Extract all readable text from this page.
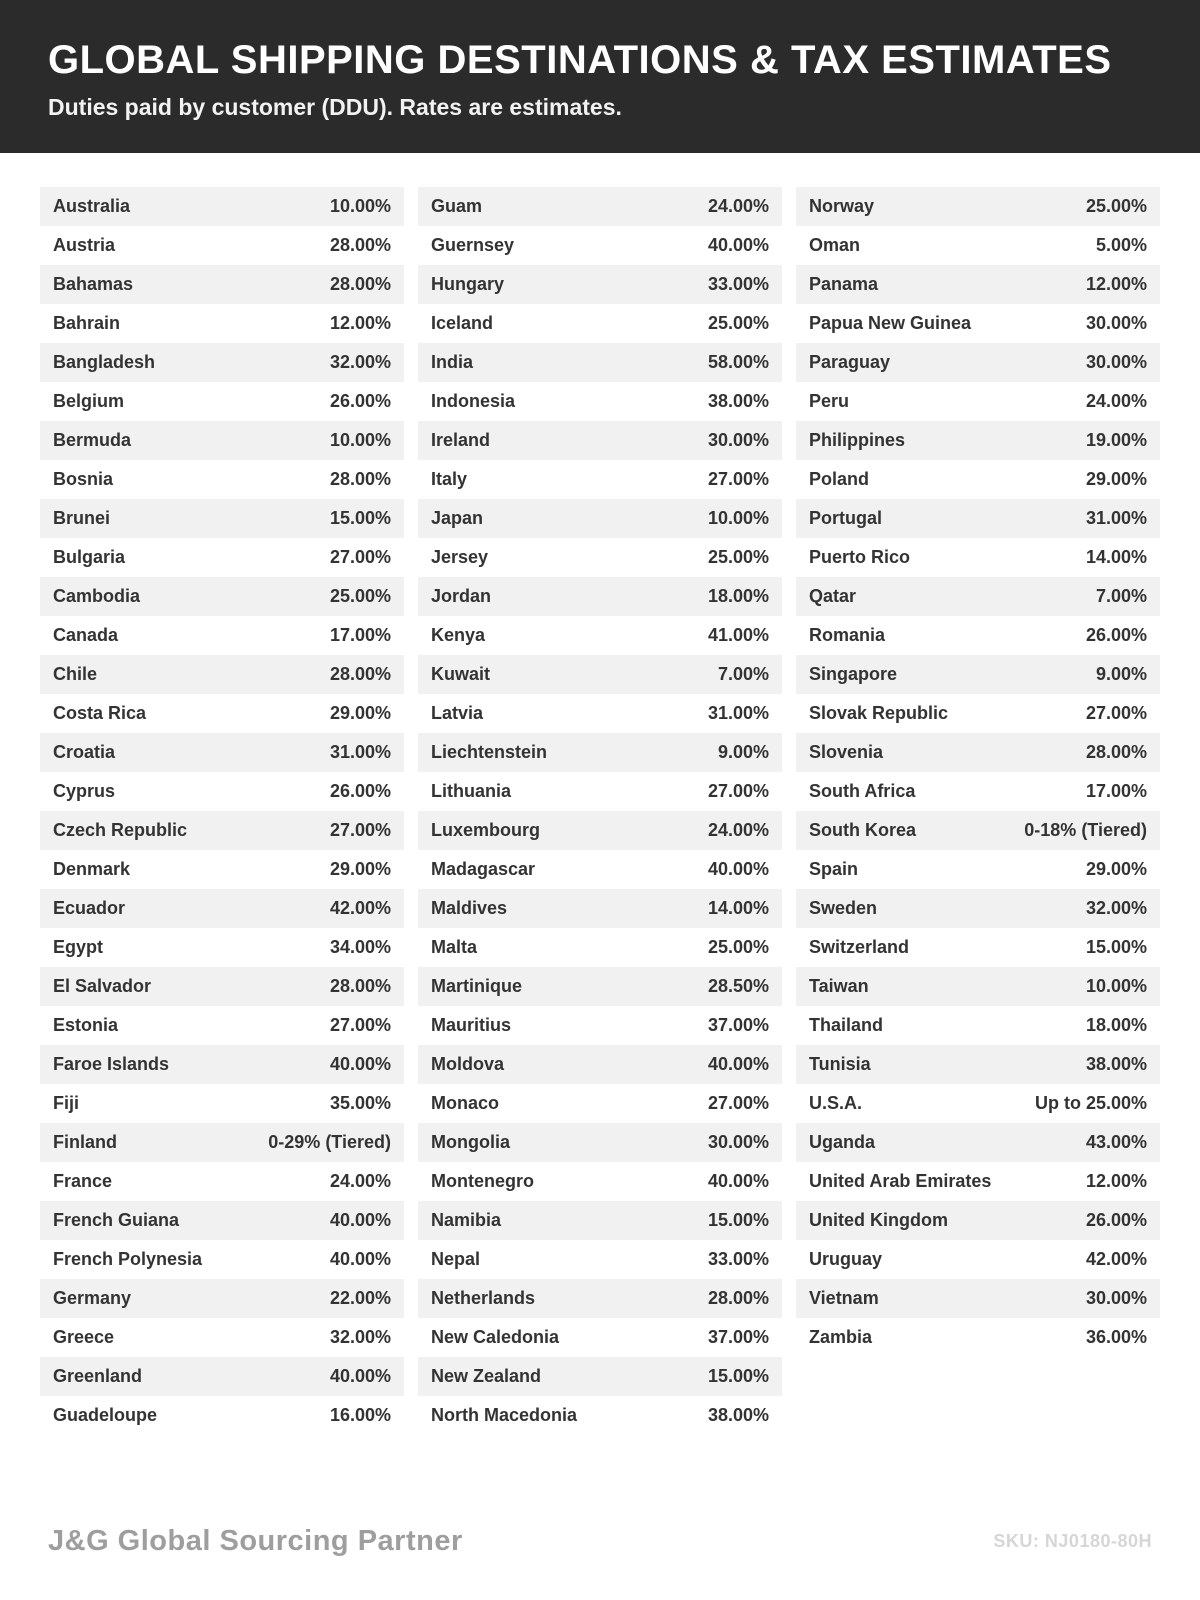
GLOBAL SHIPPING DESTINATIONS & TAX ESTIMATES
Duties paid by customer (DDU). Rates are estimates.
Australia	10.00%
Austria	28.00%
Bahamas	28.00%
Bahrain	12.00%
Bangladesh	32.00%
Belgium	26.00%
Bermuda	10.00%
Bosnia	28.00%
Brunei	15.00%
Bulgaria	27.00%
Cambodia	25.00%
Canada	17.00%
Chile	28.00%
Costa Rica	29.00%
Croatia	31.00%
Cyprus	26.00%
Czech Republic	27.00%
Denmark	29.00%
Ecuador	42.00%
Egypt	34.00%
El Salvador	28.00%
Estonia	27.00%
Faroe Islands	40.00%
Fiji	35.00%
Finland	0-29% (Tiered)
France	24.00%
French Guiana	40.00%
French Polynesia	40.00%
Germany	22.00%
Greece	32.00%
Greenland	40.00%
Guadeloupe	16.00%
Guam	24.00%
Guernsey	40.00%
Hungary	33.00%
Iceland	25.00%
India	58.00%
Indonesia	38.00%
Ireland	30.00%
Italy	27.00%
Japan	10.00%
Jersey	25.00%
Jordan	18.00%
Kenya	41.00%
Kuwait	7.00%
Latvia	31.00%
Liechtenstein	9.00%
Lithuania	27.00%
Luxembourg	24.00%
Madagascar	40.00%
Maldives	14.00%
Malta	25.00%
Martinique	28.50%
Mauritius	37.00%
Moldova	40.00%
Monaco	27.00%
Mongolia	30.00%
Montenegro	40.00%
Namibia	15.00%
Nepal	33.00%
Netherlands	28.00%
New Caledonia	37.00%
New Zealand	15.00%
North Macedonia	38.00%
Norway	25.00%
Oman	5.00%
Panama	12.00%
Papua New Guinea	30.00%
Paraguay	30.00%
Peru	24.00%
Philippines	19.00%
Poland	29.00%
Portugal	31.00%
Puerto Rico	14.00%
Qatar	7.00%
Romania	26.00%
Singapore	9.00%
Slovak Republic	27.00%
Slovenia	28.00%
South Africa	17.00%
South Korea	0-18% (Tiered)
Spain	29.00%
Sweden	32.00%
Switzerland	15.00%
Taiwan	10.00%
Thailand	18.00%
Tunisia	38.00%
U.S.A.	Up to 25.00%
Uganda	43.00%
United Arab Emirates	12.00%
United Kingdom	26.00%
Uruguay	42.00%
Vietnam	30.00%
Zambia	36.00%
J&G Global Sourcing Partner	SKU: NJ0180-80H
